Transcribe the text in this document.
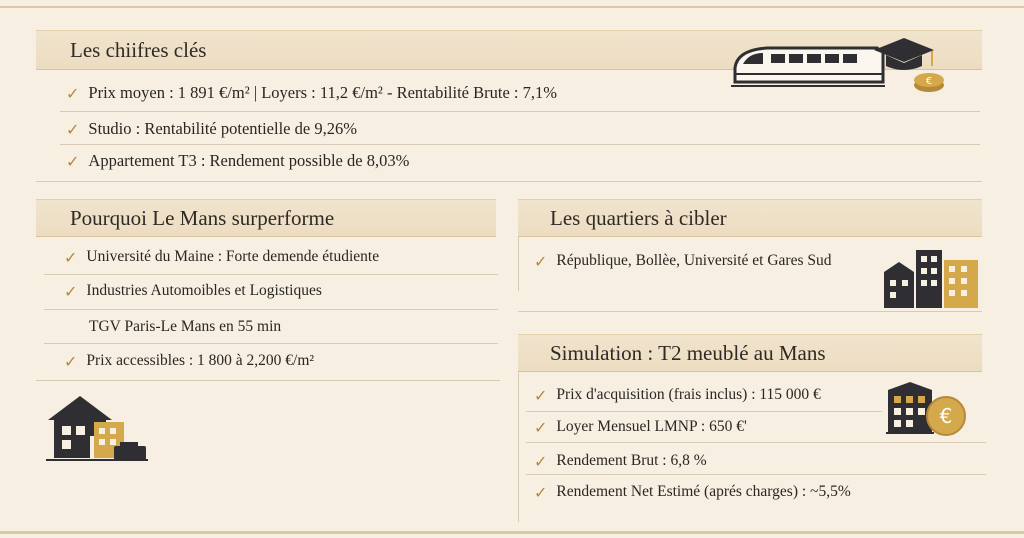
Les chiifres clés
✓ Prix moyen : 1 891 €/m² | Loyers : 11,2 €/m² - Rentabilité Brute : 7,1%
✓ Studio : Rentabilité potentielle de 9,26%
✓ Appartement T3 : Rendement possible de 8,03%
€
Pourquoi Le Mans surperforme
✓ Université du Maine : Forte demende étudiente
✓ Industries Automoibles et Logistiques
TGV Paris-Le Mans en 55 min
✓ Prix accessibles : 1 800 à 2,200 €/m²
Les quartiers à cibler
✓ République, Bollèe, Université et Gares Sud
Simulation : T2 meublé au Mans
✓ Prix d'acquisition (frais inclus) : 115 000 €
✓ Loyer Mensuel LMNP : 650 €'
✓ Rendement Brut : 6,8 %
✓ Rendement Net Estimé (aprés charges) : ~5,5%
€
